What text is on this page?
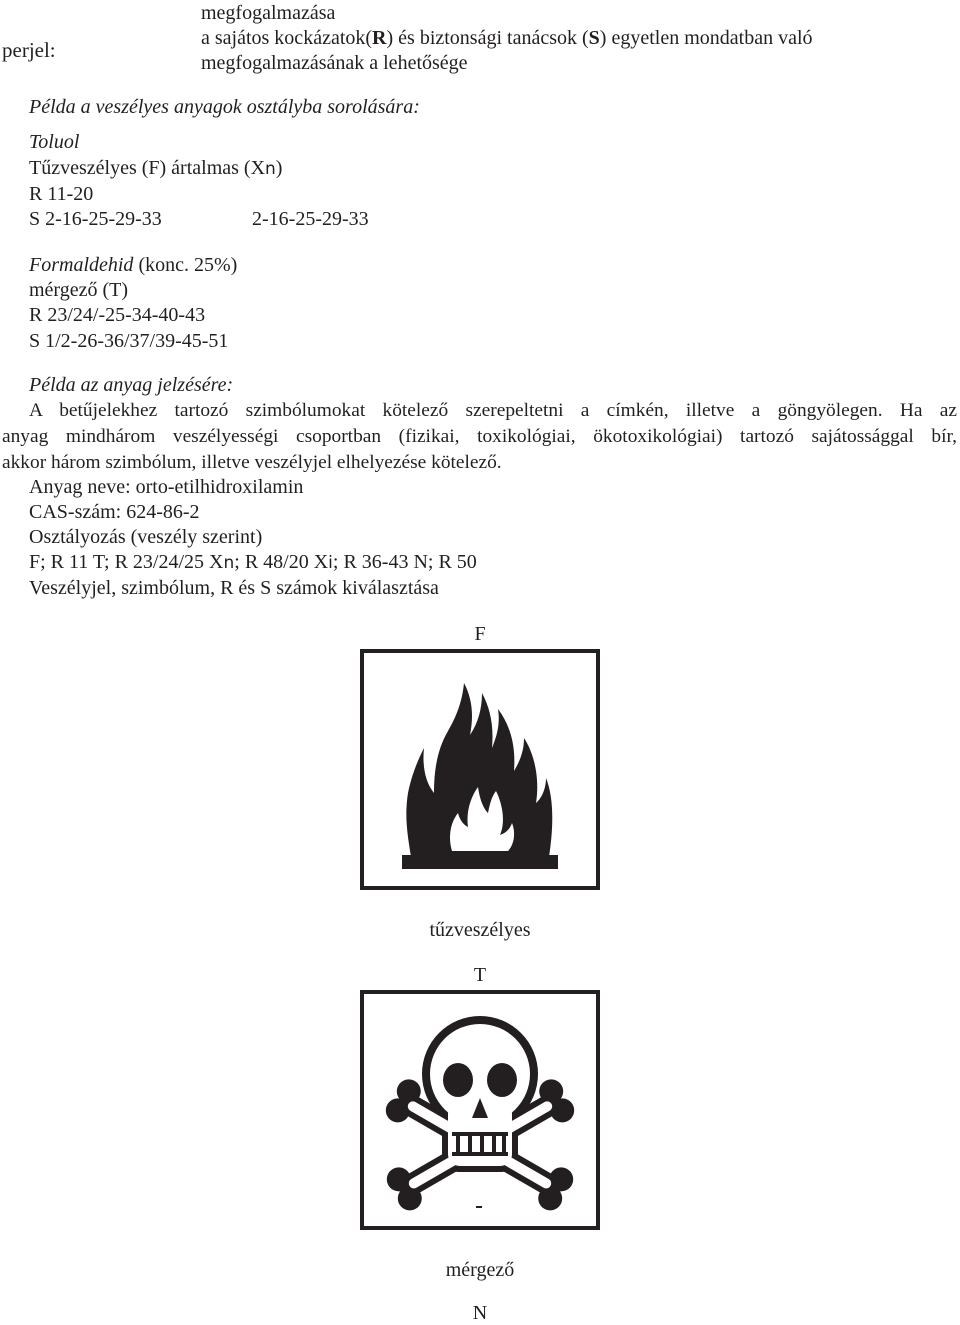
perjel:
megfogalmazása
a sajátos kockázatok(R) és biztonsági tanácsok (S) egyetlen mondatban való
megfogalmazásának a lehetősége
Példa a veszélyes anyagok osztályba sorolására:
Toluol
Tűzveszélyes (F) ártalmas (Xn)
R 11-20
S 2-16-25-29-33	2-16-25-29-33
Formaldehid (konc. 25%)
mérgező (T)
R 23/24/-25-34-40-43
S 1/2-26-36/37/39-45-51
Példa az anyag jelzésére:
A betűjelekhez tartozó szimbólumokat kötelező szerepeltetni a címkén, illetve a göngyölegen. Ha az
anyag mindhárom veszélyességi csoportban (fizikai, toxikológiai, ökotoxikológiai) tartozó sajátossággal bír,
akkor három szimbólum, illetve veszélyjel elhelyezése kötelező.
Anyag neve: orto-etilhidroxilamin
CAS-szám: 624-86-2
Osztályozás (veszély szerint)
F; R 11 T; R 23/24/25 Xn; R 48/20 Xi; R 36-43 N; R 50
Veszélyjel, szimbólum, R és S számok kiválasztása
F
tűzveszélyes
T
mérgező
N
